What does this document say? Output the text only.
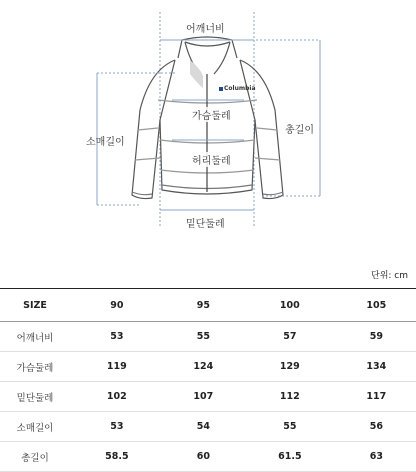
Columbia
어깨너비
가슴둘레
허리둘레
밑단둘레
소매길이
총길이
단위: cm
SIZE	90	95	100	105
어깨너비	53	55	57	59
가슴둘레	119	124	129	134
밑단둘레	102	107	112	117
소매길이	53	54	55	56
총길이	58.5	60	61.5	63
